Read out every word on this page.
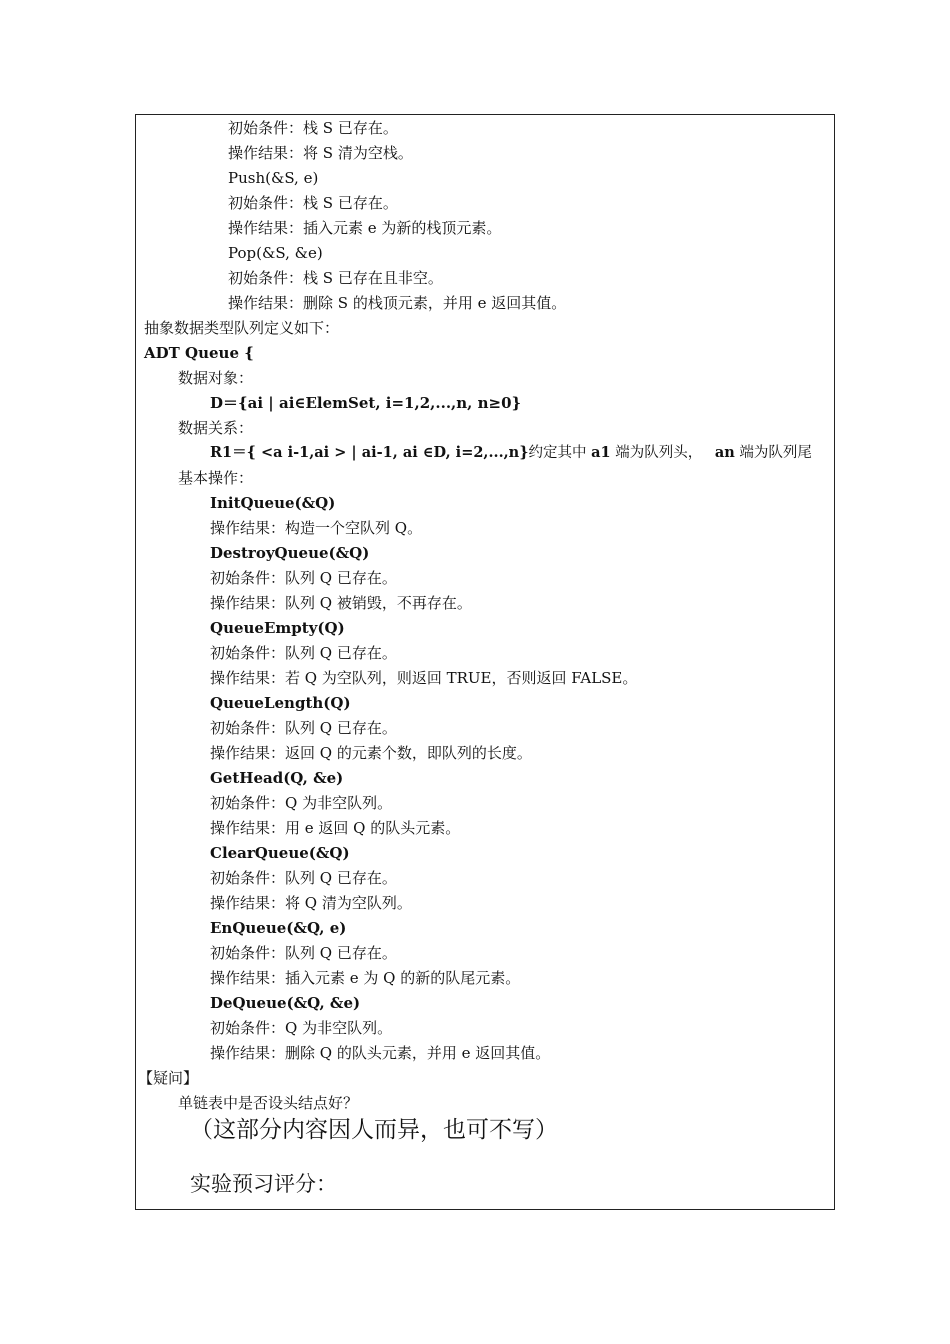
初始条件：栈 S 已存在。
操作结果：将 S 清为空栈。
Push(&S, e)
初始条件：栈 S 已存在。
操作结果：插入元素 e 为新的栈顶元素。
Pop(&S, &e)
初始条件：栈 S 已存在且非空。
操作结果：删除 S 的栈顶元素，并用 e 返回其值。
抽象数据类型队列定义如下：
ADT Queue {
数据对象：
D＝{ai | ai∈ElemSet, i=1,2,...,n, n≥0}
数据关系：
R1＝{ <a i-1,ai > | ai-1, ai ∈D, i=2,...,n}约定其中 a1 端为队列头， an 端为队列尾
基本操作：
InitQueue(&Q)
操作结果：构造一个空队列 Q。
DestroyQueue(&Q)
初始条件：队列 Q 已存在。
操作结果：队列 Q 被销毁，不再存在。
QueueEmpty(Q)
初始条件：队列 Q 已存在。
操作结果：若 Q 为空队列，则返回 TRUE，否则返回 FALSE。
QueueLength(Q)
初始条件：队列 Q 已存在。
操作结果：返回 Q 的元素个数，即队列的长度。
GetHead(Q, &e)
初始条件：Q 为非空队列。
操作结果：用 e 返回 Q 的队头元素。
ClearQueue(&Q)
初始条件：队列 Q 已存在。
操作结果：将 Q 清为空队列。
EnQueue(&Q, e)
初始条件：队列 Q 已存在。
操作结果：插入元素 e 为 Q 的新的队尾元素。
DeQueue(&Q, &e)
初始条件：Q 为非空队列。
操作结果：删除 Q 的队头元素，并用 e 返回其值。
【疑问】
单链表中是否设头结点好？
（这部分内容因人而异，也可不写）
实验预习评分：
